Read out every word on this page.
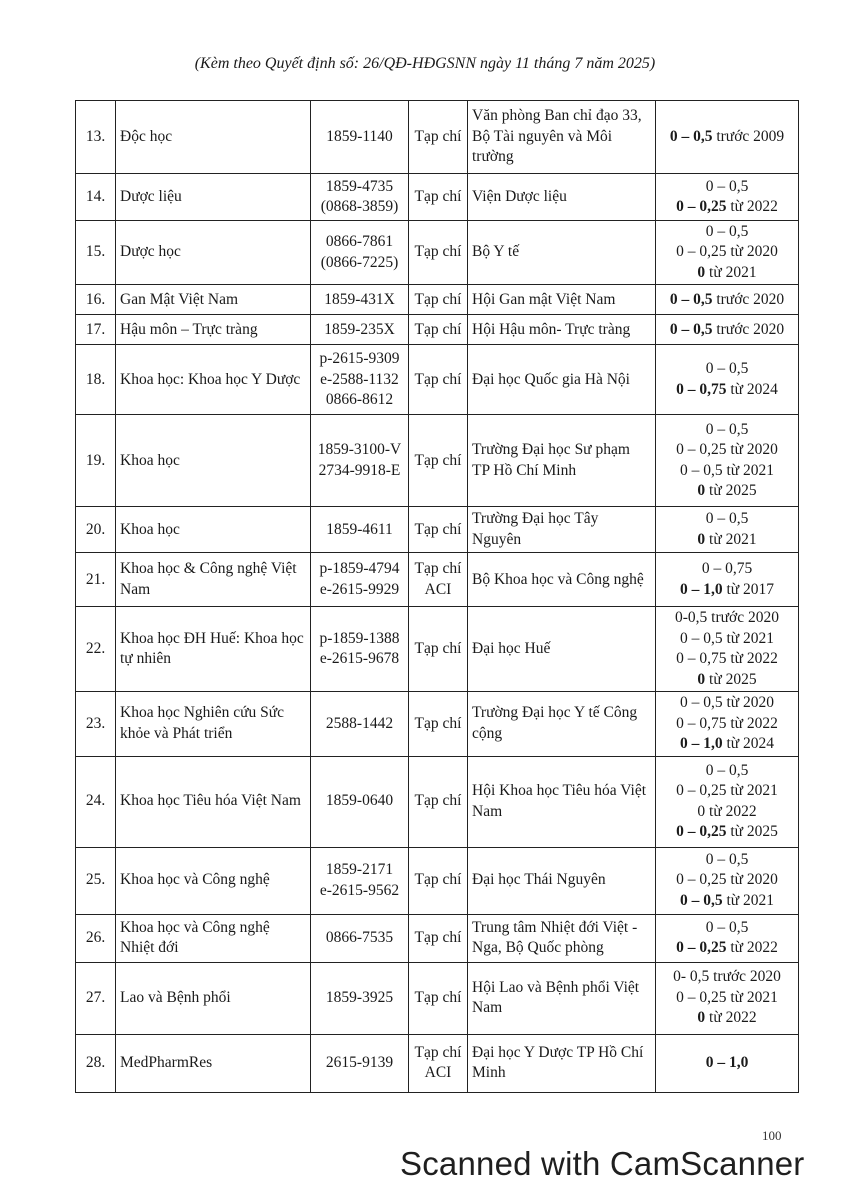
(Kèm theo Quyết định số: 26/QĐ-HĐGSNN ngày 11 tháng 7 năm 2025)
13.	Độc học	1859-1140	Tạp chí	Văn phòng Ban chỉ đạo 33, Bộ Tài nguyên và Môi trường	0 – 0,5 trước 2009

14.	Dược liệu	1859-4735
(0868-3859)	Tạp chí	Viện Dược liệu	0 – 0,5
0 – 0,25 từ 2022

15.	Dược học	0866-7861
(0866-7225)	Tạp chí	Bộ Y tế	0 – 0,5
0 – 0,25 từ 2020
0 từ 2021

16.	Gan Mật Việt Nam	1859-431X	Tạp chí	Hội Gan mật Việt Nam	0 – 0,5 trước 2020

17.	Hậu môn – Trực tràng	1859-235X	Tạp chí	Hội Hậu môn- Trực tràng	0 – 0,5 trước 2020

18.	Khoa học: Khoa học Y Dược	p-2615-9309
e-2588-1132
0866-8612	Tạp chí	Đại học Quốc gia Hà Nội	0 – 0,5
0 – 0,75 từ 2024

19.	Khoa học	1859-3100-V
2734-9918-E	Tạp chí	Trường Đại học Sư phạm TP Hồ Chí Minh	0 – 0,5
0 – 0,25 từ 2020
0 – 0,5 từ 2021
0 từ 2025

20.	Khoa học	1859-4611	Tạp chí	Trường Đại học Tây Nguyên	0 – 0,5
0 từ 2021

21.	Khoa học & Công nghệ Việt Nam	p-1859-4794
e-2615-9929	Tạp chí
ACI	Bộ Khoa học và Công nghệ	0 – 0,75
0 – 1,0 từ 2017

22.	Khoa học ĐH Huế: Khoa học tự nhiên	p-1859-1388
e-2615-9678	Tạp chí	Đại học Huế	0-0,5 trước 2020
0 – 0,5 từ 2021
0 – 0,75 từ 2022
0 từ 2025

23.	Khoa học Nghiên cứu Sức khỏe và Phát triển	2588-1442	Tạp chí	Trường Đại học Y tế Công cộng	0 – 0,5 từ 2020
0 – 0,75 từ 2022
0 – 1,0 từ 2024

24.	Khoa học Tiêu hóa Việt Nam	1859-0640	Tạp chí	Hội Khoa học Tiêu hóa Việt Nam	0 – 0,5
0 – 0,25 từ 2021
0 từ 2022
0 – 0,25 từ 2025

25.	Khoa học và Công nghệ	1859-2171
e-2615-9562	Tạp chí	Đại học Thái Nguyên	0 – 0,5
0 – 0,25 từ 2020
0 – 0,5 từ 2021

26.	Khoa học và Công nghệ Nhiệt đới	0866-7535	Tạp chí	Trung tâm Nhiệt đới Việt - Nga, Bộ Quốc phòng	0 – 0,5
0 – 0,25 từ 2022

27.	Lao và Bệnh phổi	1859-3925	Tạp chí	Hội Lao và Bệnh phổi Việt Nam	0- 0,5 trước 2020
0 – 0,25 từ 2021
0 từ 2022

28.	MedPharmRes	2615-9139	Tạp chí
ACI	Đại học Y Dược TP Hồ Chí Minh	0 – 1,0
100
Scanned with CamScanner
